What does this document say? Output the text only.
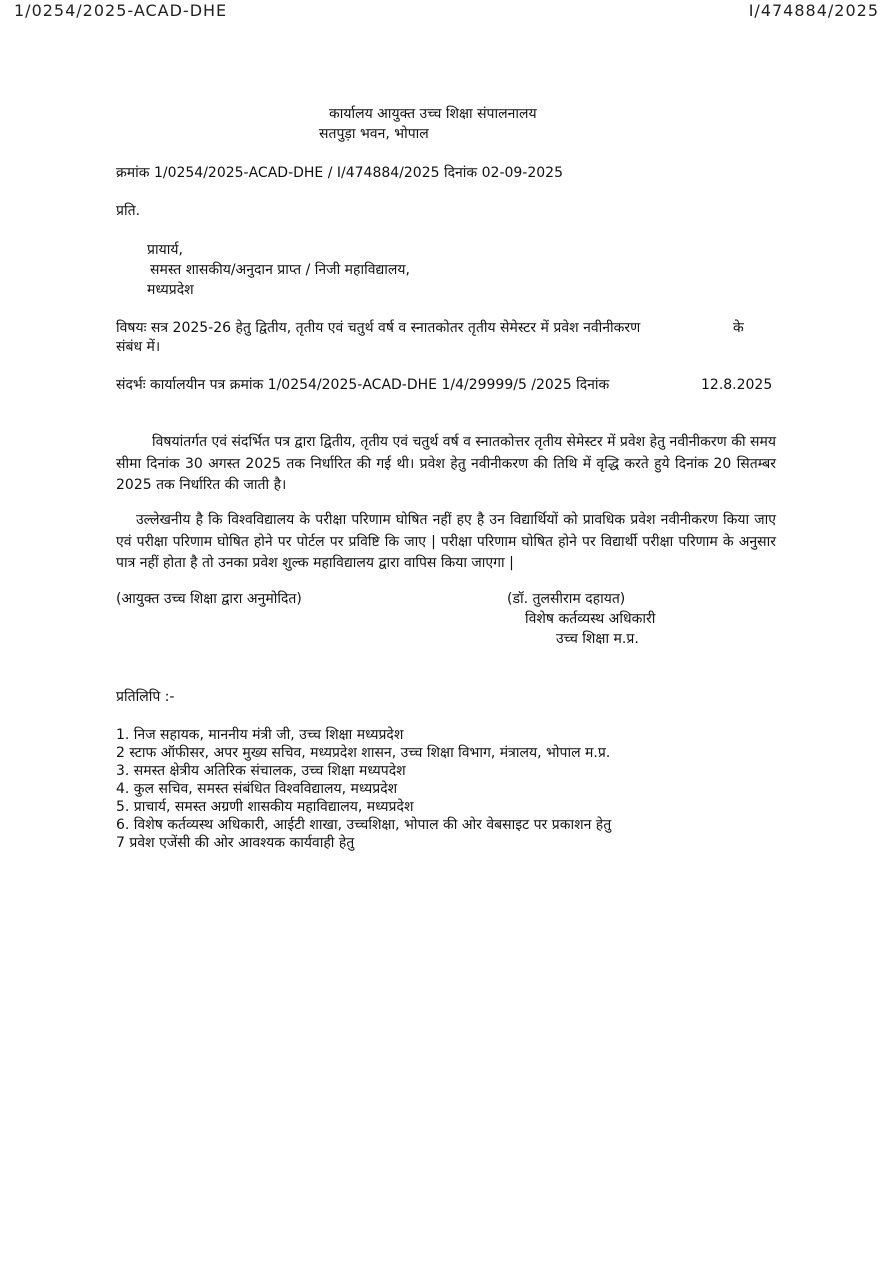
1/0254/2025-ACAD-DHE	I/474884/2025
कार्यालय आयुक्त उच्च शिक्षा संपालनालय
सतपुड़ा भवन, भोपाल
क्रमांक 1/0254/2025-ACAD-DHE / I/474884/2025 दिनांक 02-09-2025
प्रति.
प्रायार्य,
समस्त शासकीय/अनुदान प्राप्त / निजी महाविद्यालय,
मध्यप्रदेश
विषयः सत्र 2025-26 हेतु द्वितीय, तृतीय एवं चतुर्थ वर्ष व स्नातकोतर तृतीय सेमेस्टर में प्रवेश नवीनीकरण	के
संबंध में।
संदर्भः कार्यालयीन पत्र क्रमांक 1/0254/2025-ACAD-DHE 1/4/29999/5 /2025 दिनांक	12.8.2025
विषयांतर्गत एवं संदर्भित पत्र द्वारा द्वितीय, तृतीय एवं चतुर्थ वर्ष व स्नातकोत्तर तृतीय सेमेस्टर में प्रवेश हेतु नवीनीकरण की समय सीमा दिनांक 30 अगस्त 2025 तक निर्धारित की गई थी। प्रवेश हेतु नवीनीकरण की तिथि में वृद्धि करते हुये दिनांक 20 सितम्बर 2025 तक निर्धारित की जाती है।
उल्लेखनीय है कि विश्वविद्यालय के परीक्षा परिणाम घोषित नहीं हए है उन विद्यार्थियों को प्रावधिक प्रवेश नवीनीकरण किया जाए एवं परीक्षा परिणाम घोषित होने पर पोर्टल पर प्रविष्टि कि जाए | परीक्षा परिणाम घोषित होने पर विद्यार्थी परीक्षा परिणाम के अनुसार पात्र नहीं होता है तो उनका प्रवेश शुल्क महाविद्यालय द्वारा वापिस किया जाएगा |
(आयुक्त उच्च शिक्षा द्वारा अनुमोदित)	(डॉ. तुलसीराम दहायत)
विशेष कर्तव्यस्थ अधिकारी
उच्च शिक्षा म.प्र.
प्रतिलिपि :-
1. निज सहायक, माननीय मंत्री जी, उच्च शिक्षा मध्यप्रदेश
2 स्टाफ ऑफीसर, अपर मुख्य सचिव, मध्यप्रदेश शासन, उच्च शिक्षा विभाग, मंत्रालय, भोपाल म.प्र.
3. समस्त क्षेत्रीय अतिरिक संचालक, उच्च शिक्षा मध्यपदेश
4. कुल सचिव, समस्त संबंधित विश्वविद्यालय, मध्यप्रदेश
5. प्राचार्य, समस्त अग्रणी शासकीय महाविद्यालय, मध्यप्रदेश
6. विशेष कर्तव्यस्थ अधिकारी, आईटी शाखा, उच्चशिक्षा, भोपाल की ओर वेबसाइट पर प्रकाशन हेतु
7 प्रवेश एजेंसी की ओर आवश्यक कार्यवाही हेतु
